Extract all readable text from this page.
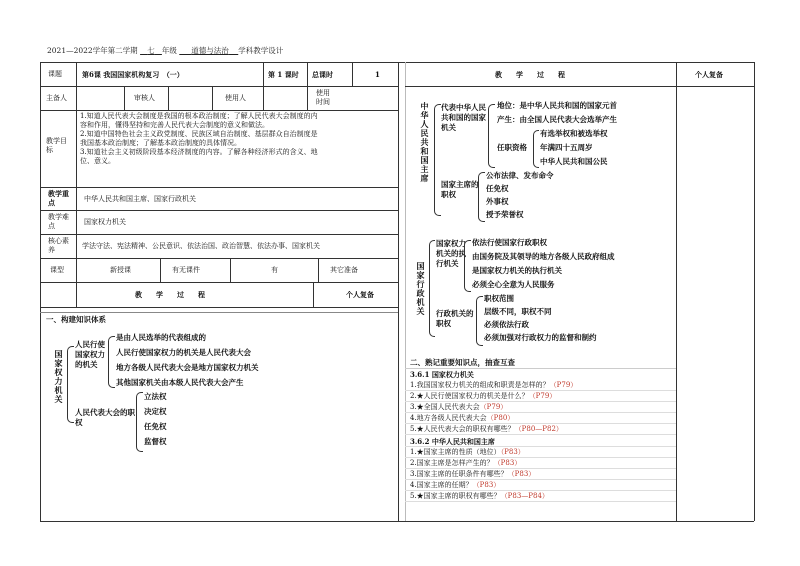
2021—2022学年第二学期 七 年级 道德与法治 学科教学设计
课题	第6课 我国国家机构复习　（一）	第 1 课时 总课时	1	教　　学　　过　　程	个人复备
主备人	审核人	使用人
使用时间
教学目标
1.知道人民代表大会制度是我国的根本政治制度；了解人民代表大会制度的内
容和作用，懂得坚持和完善人民代表大会制度的意义和做法。
2.知道中国特色社会主义政党制度、民族区域自治制度、基层群众自治制度是
我国基本政治制度；了解基本政治制度的具体情况。
3.知道社会主义初级阶段基本经济制度的内容。了解各种经济形式的含义、地
位、意义。
教学重点	中华人民共和国主席、国家行政机关
教学难点	国家权力机关
核心素养	学法守法、宪法精神、公民意识、依法治国、政治智慧、依法办事、国家机关
课型	新授课	有无课件	有	其它准备
教　　学　　过　　程	个人复备
一、构建知识体系
国家权力机关
人民行使国家权力的机关
是由人民选举的代表组成的
人民行使国家权力的机关是人民代表大会
地方各级人民代表大会是地方国家权力机关
其他国家机关由本级人民代表大会产生
人民代表大会的职权
立法权
决定权
任免权
监督权
中华人民共和国主席 代表中华人民共和国的国家机关
地位：是中华人民共和国的国家元首
产生：由全国人民代表大会选举产生
任职资格
有选举权和被选举权
年满四十五周岁
中华人民共和国公民
国家主席的职权
公布法律、发布命令
任免权
外事权
授予荣誉权
国家行政机关
国家权力机关的执行机关
依法行使国家行政职权
由国务院及其领导的地方各级人民政府组成
是国家权力机关的执行机关
必须全心全意为人民服务
行政机关的职权
职权范围
层级不同，职权不同
必须依法行政
必须加强对行政权力的监督和制约
二、熟记重要知识点，抽查互查
3.6.1 国家权力机关
1.我国国家权力机关的组成和职责是怎样的？（P79）
2.★人民行使国家权力的机关是什么？（P79）
3.★全国人民代表大会（P79）
4.地方各级人民代表大会（P80）
5.★人民代表大会的职权有哪些？（P80—P82）
3.6.2 中华人民共和国主席
1.★国家主席的性质（地位）（P83）
2.国家主席是怎样产生的？（P83）
3.国家主席的任职条件有哪些？（P83）
4.国家主席的任期？（P83）
5.★国家主席的职权有哪些？（P83—P84）
